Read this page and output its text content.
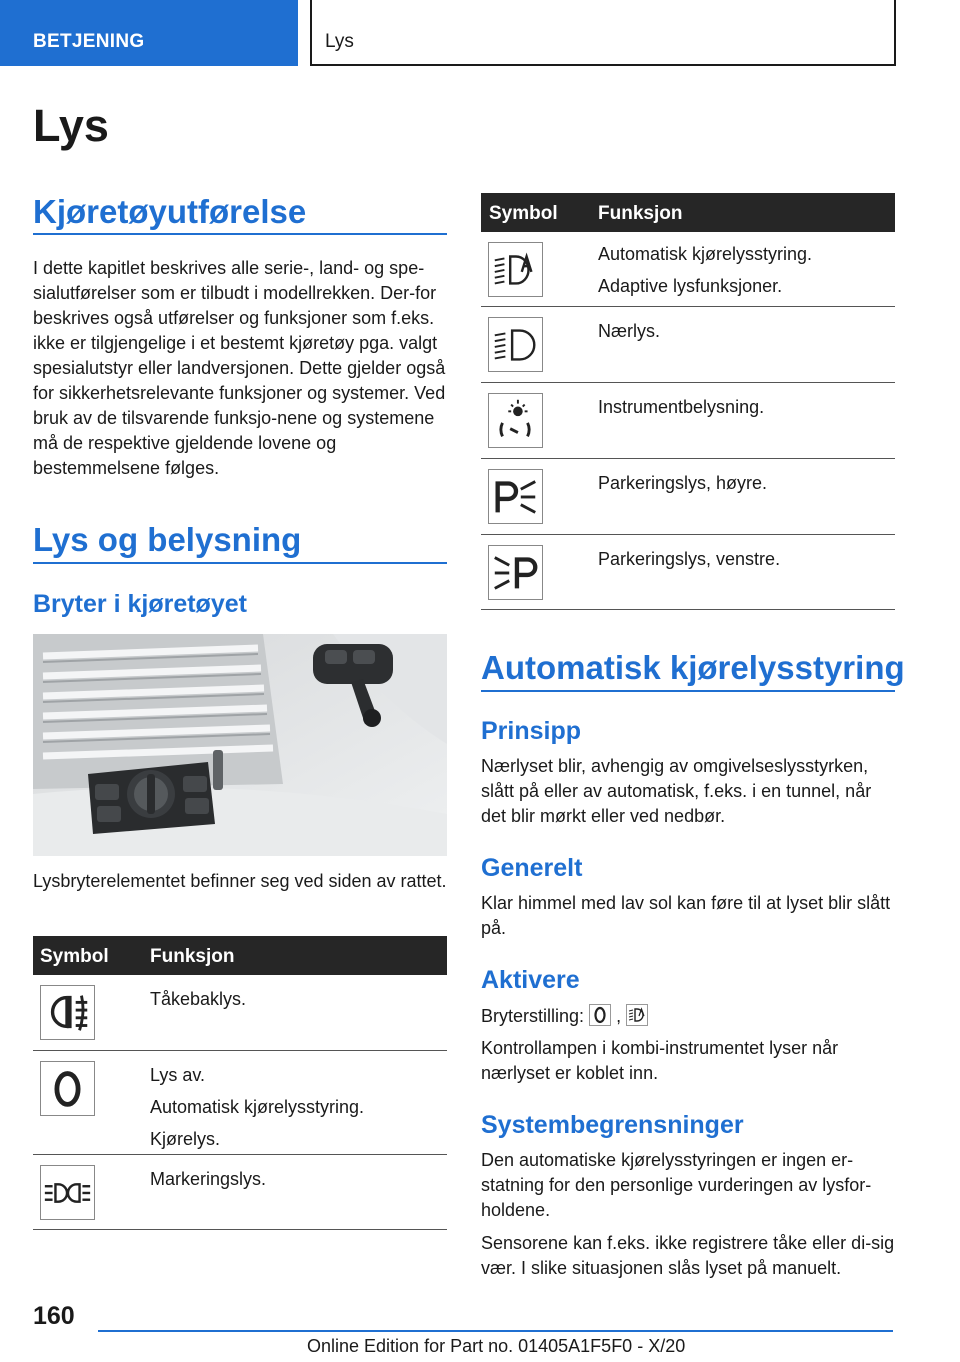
BETJENING	Lys
Lys
Kjøretøyutførelse
I dette kapitlet beskrives alle serie-, land- og spe-sialutførelser som er tilbudt i modellrekken. Der-for beskrives også utførelser og funksjoner som f.eks. ikke er tilgjengelige i et bestemt kjøretøy pga. valgt spesialutstyr eller landversjonen. Dette gjelder også for sikkerhetsrelevante funksjoner og systemer. Ved bruk av de tilsvarende funksjo-nene og systemene må de respektive gjeldende lovene og bestemmelsene følges.
Lys og belysning
Bryter i kjøretøyet
Lysbryterelementet befinner seg ved siden av rattet.
Symbol Funksjon
Tåkebaklys.
Lys av.
Automatisk kjørelysstyring.
Kjørelys.
Markeringslys.
Symbol Funksjon
Automatisk kjørelysstyring.
Adaptive lysfunksjoner.
Nærlys.
Instrumentbelysning.
Parkeringslys, høyre.
Parkeringslys, venstre.
Automatisk kjørelysstyring
Prinsipp
Nærlyset blir, avhengig av omgivelseslysstyrken, slått på eller av automatisk, f.eks. i en tunnel, når det blir mørkt eller ved nedbør.
Generelt
Klar himmel med lav sol kan føre til at lyset blir slått på.
Aktivere
Bryterstilling: ,
Kontrollampen i kombi-instrumentet lyser når nærlyset er koblet inn.
Systembegrensninger
Den automatiske kjørelysstyringen er ingen er-statning for den personlige vurderingen av lysfor-holdene.
Sensorene kan f.eks. ikke registrere tåke eller di-sig vær. I slike situasjonen slås lyset på manuelt.
160
Online Edition for Part no. 01405A1F5F0 - X/20
